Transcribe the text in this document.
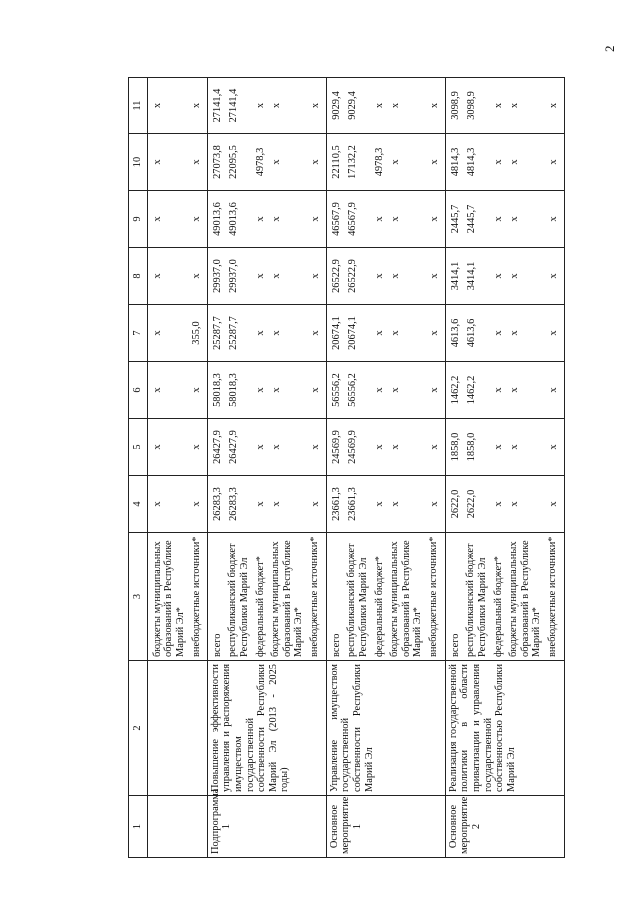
2
1	2	3	4	5	6	7	8	9	10	11

		бюджеты муниципальных образований в Республике Марий Эл* внебюджетные источники*	х х	х х	х х	х 355,0	х х	х х	х х	х х

Подпрограмма 1	Повышение эффективности управления и распоряжения имуществом государственной собственности Республики Марий Эл (2013 - 2025 годы)	всего республиканский бюджет Республики Марий Эл федеральный бюджет* бюджеты муниципальных образований в Республике Марий Эл* внебюджетные источники*	26283,3 26283,3 х х х	26427,9 26427,9 х х х	58018,3 58018,3 х х х	25287,7 25287,7 х х х	29937,0 29937,0 х х х	49013,6 49013,6 х х х	27073,8 22095,5 4978,3 х х	27141,4 27141,4 х х х

Основное мероприятие 1	Управление имуществом государственной собственности Республики Марий Эл	всего республиканский бюджет Республики Марий Эл федеральный бюджет* бюджеты муниципальных образований в Республике Марий Эл* внебюджетные источники*	23661,3 23661,3 х х х	24569,9 24569,9 х х х	56556,2 56556,2 х х х	20674,1 20674,1 х х х	26522,9 26522,9 х х х	46567,9 46567,9 х х х	22110,5 17132,2 4978,3 х х	9029,4 9029,4 х х х

Основное мероприятие 2	Реализация государственной политики в области приватизации и управления государственной собственностью Республики Марий Эл	всего республиканский бюджет Республики Марий Эл федеральный бюджет* бюджеты муниципальных образований в Республике Марий Эл* внебюджетные источники*	2622,0 2622,0 х х х	1858,0 1858,0 х х х	1462,2 1462,2 х х х	4613,6 4613,6 х х х	3414,1 3414,1 х х х	2445,7 2445,7 х х х	4814,3 4814,3 х х х	3098,9 3098,9 х х х
